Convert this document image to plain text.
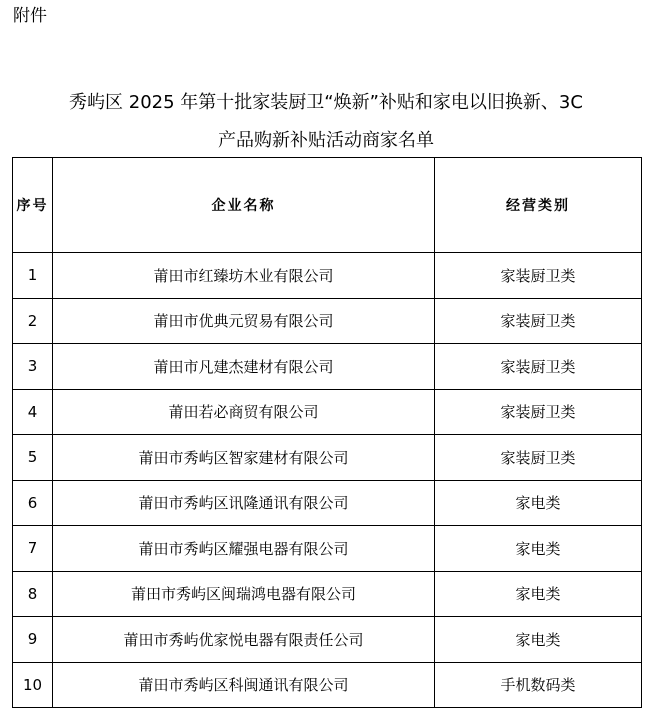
附件
秀屿区 2025 年第十批家装厨卫“焕新”补贴和家电以旧换新、3C
产品购新补贴活动商家名单
序号	企业名称	经营类别
1	莆田市红臻坊木业有限公司	家装厨卫类
2	莆田市优典元贸易有限公司	家装厨卫类
3	莆田市凡建杰建材有限公司	家装厨卫类
4	莆田若必商贸有限公司	家装厨卫类
5	莆田市秀屿区智家建材有限公司	家装厨卫类
6	莆田市秀屿区讯隆通讯有限公司	家电类
7	莆田市秀屿区耀强电器有限公司	家电类
8	莆田市秀屿区闽瑞鸿电器有限公司	家电类
9	莆田市秀屿优家悦电器有限责任公司	家电类
10	莆田市秀屿区科闽通讯有限公司	手机数码类
